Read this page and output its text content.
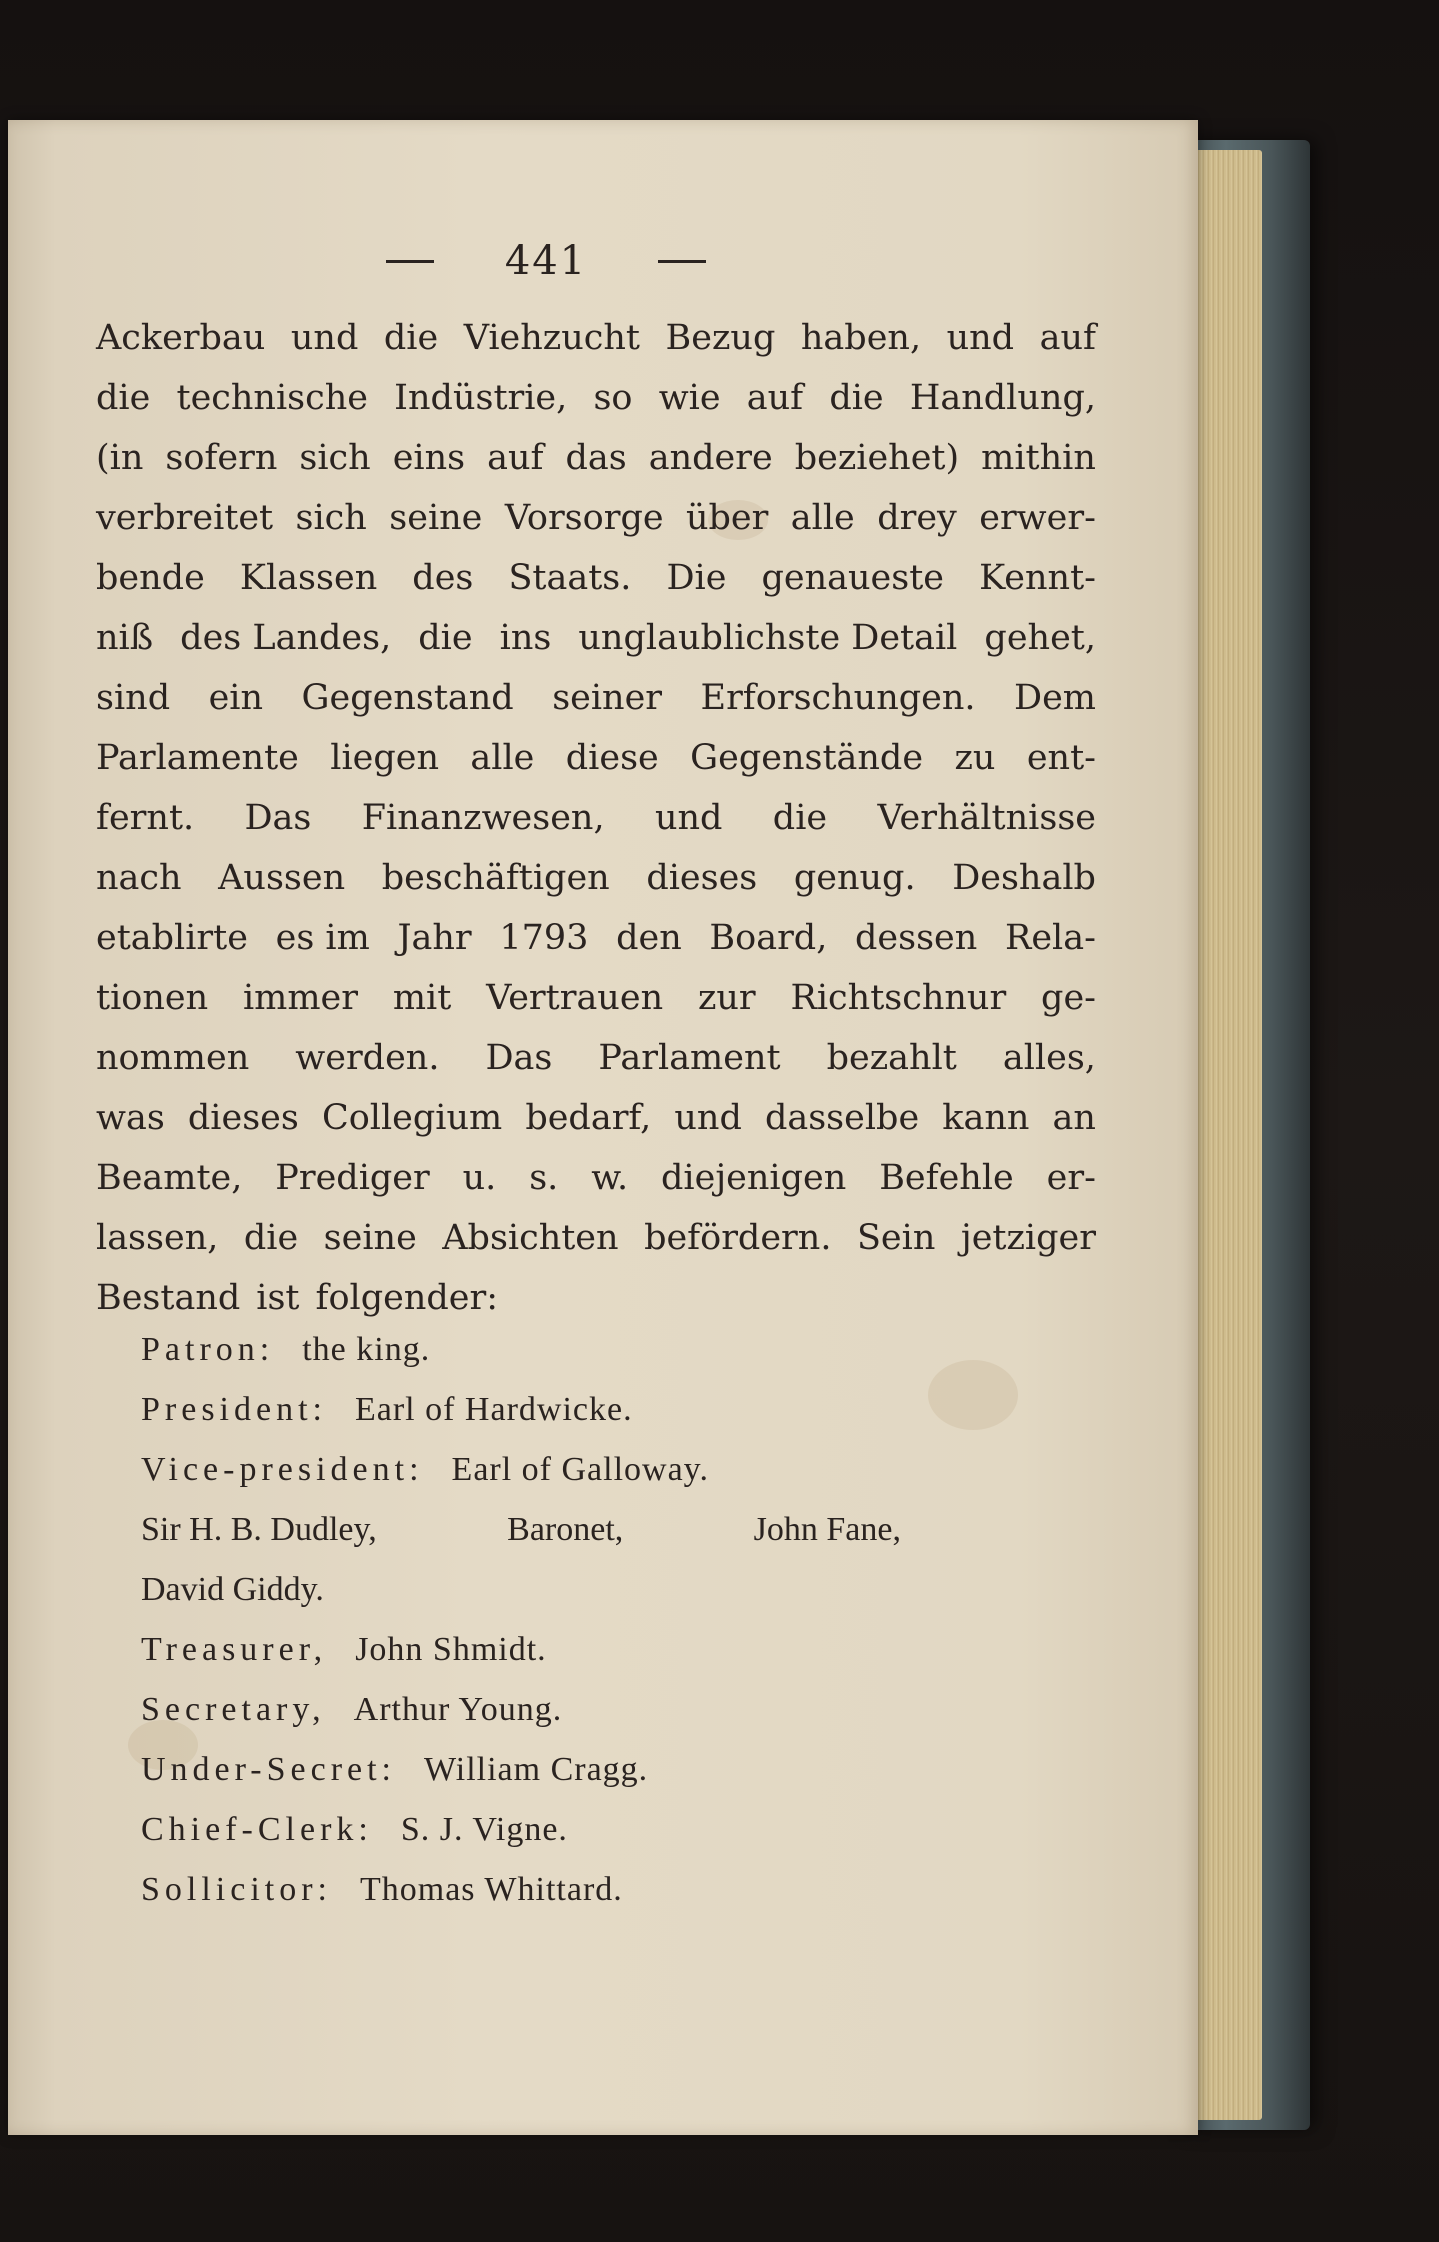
441
Ackerbau und die Viehzucht Bezug haben, und auf
die technische Indüstrie, so wie auf die Handlung,
(in sofern sich eins auf das andere beziehet) mithin
verbreitet sich seine Vorsorge über alle drey erwer-
bende Klassen des Staats. Die genaueste Kennt-
niß des Landes, die ins unglaublichste Detail gehet,
sind ein Gegenstand seiner Erforschungen. Dem
Parlamente liegen alle diese Gegenstände zu ent-
fernt. Das Finanzwesen, und die Verhältnisse
nach Aussen beschäftigen dieses genug. Deshalb
etablirte es im Jahr 1793 den Board, dessen Rela-
tionen immer mit Vertrauen zur Richtschnur ge-
nommen werden. Das Parlament bezahlt alles,
was dieses Collegium bedarf, und dasselbe kann an
Beamte, Prediger u. s. w. diejenigen Befehle er-
lassen, die seine Absichten befördern. Sein jetziger
Bestand ist folgender:
Patron: the king.
President: Earl of Hardwicke.
Vice-president: Earl of Galloway.
Sir H. B. Dudley,	Baronet,	John Fane,
David Giddy.
Treasurer, John Shmidt.
Secretary, Arthur Young.
Under-Secret: William Cragg.
Chief-Clerk: S. J. Vigne.
Sollicitor: Thomas Whittard.
